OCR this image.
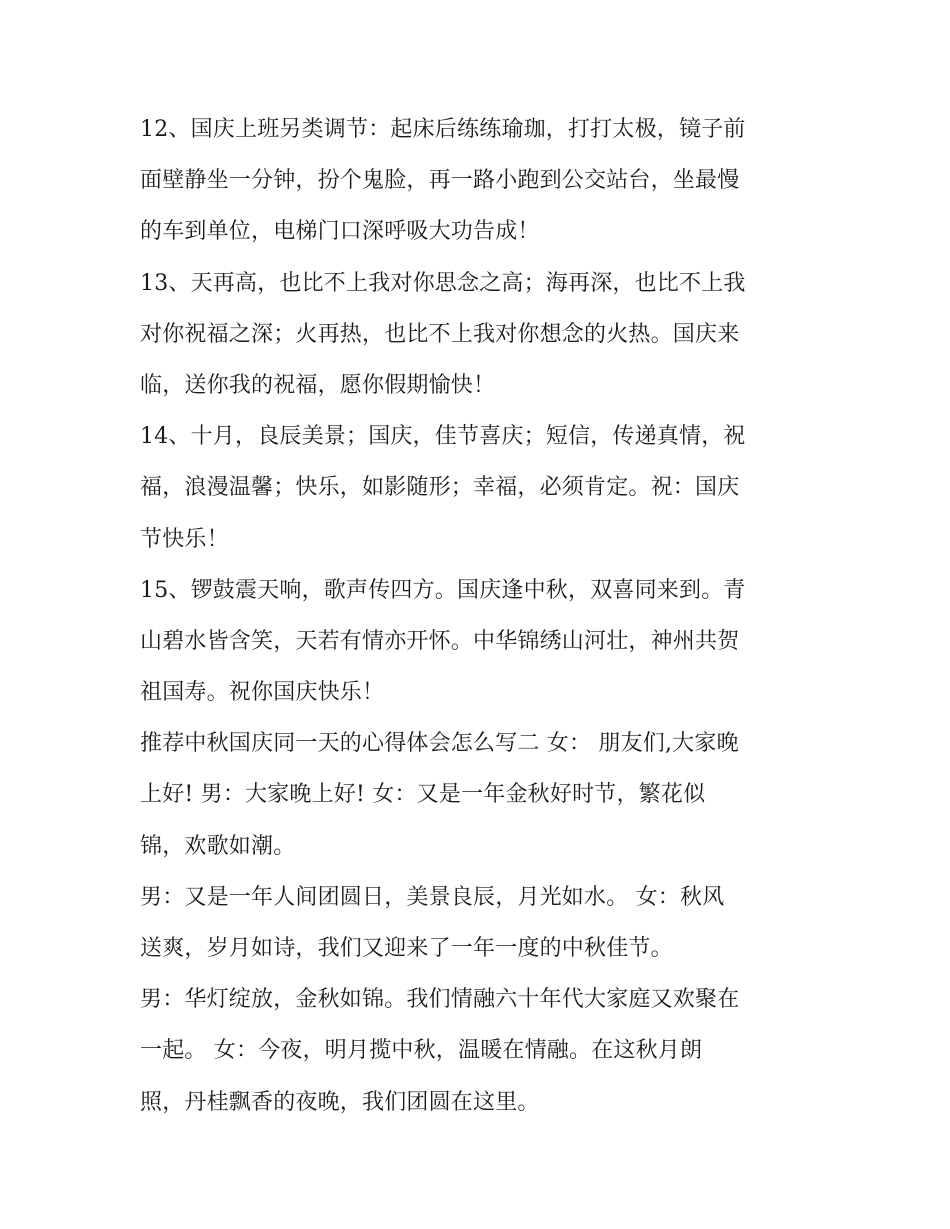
12、国庆上班另类调节：起床后练练瑜珈，打打太极，镜子前
面壁静坐一分钟，扮个鬼脸，再一路小跑到公交站台，坐最慢
的车到单位，电梯门口深呼吸大功告成！
13、天再高，也比不上我对你思念之高；海再深，也比不上我
对你祝福之深；火再热，也比不上我对你想念的火热。国庆来
临，送你我的祝福，愿你假期愉快！
14、十月，良辰美景；国庆，佳节喜庆；短信，传递真情，祝
福，浪漫温馨；快乐，如影随形；幸福，必须肯定。祝：国庆
节快乐！
15、锣鼓震天响，歌声传四方。国庆逢中秋，双喜同来到。青
山碧水皆含笑，天若有情亦开怀。中华锦绣山河壮，神州共贺
祖国寿。祝你国庆快乐！
推荐中秋国庆同一天的心得体会怎么写二 女： 朋友们,大家晚
上好! 男：大家晚上好! 女：又是一年金秋好时节，繁花似
锦，欢歌如潮。
男：又是一年人间团圆日，美景良辰，月光如水。 女：秋风
送爽，岁月如诗，我们又迎来了一年一度的中秋佳节。
男：华灯绽放，金秋如锦。我们情融六十年代大家庭又欢聚在
一起。 女：今夜，明月揽中秋，温暖在情融。在这秋月朗
照，丹桂飘香的夜晚，我们团圆在这里。
